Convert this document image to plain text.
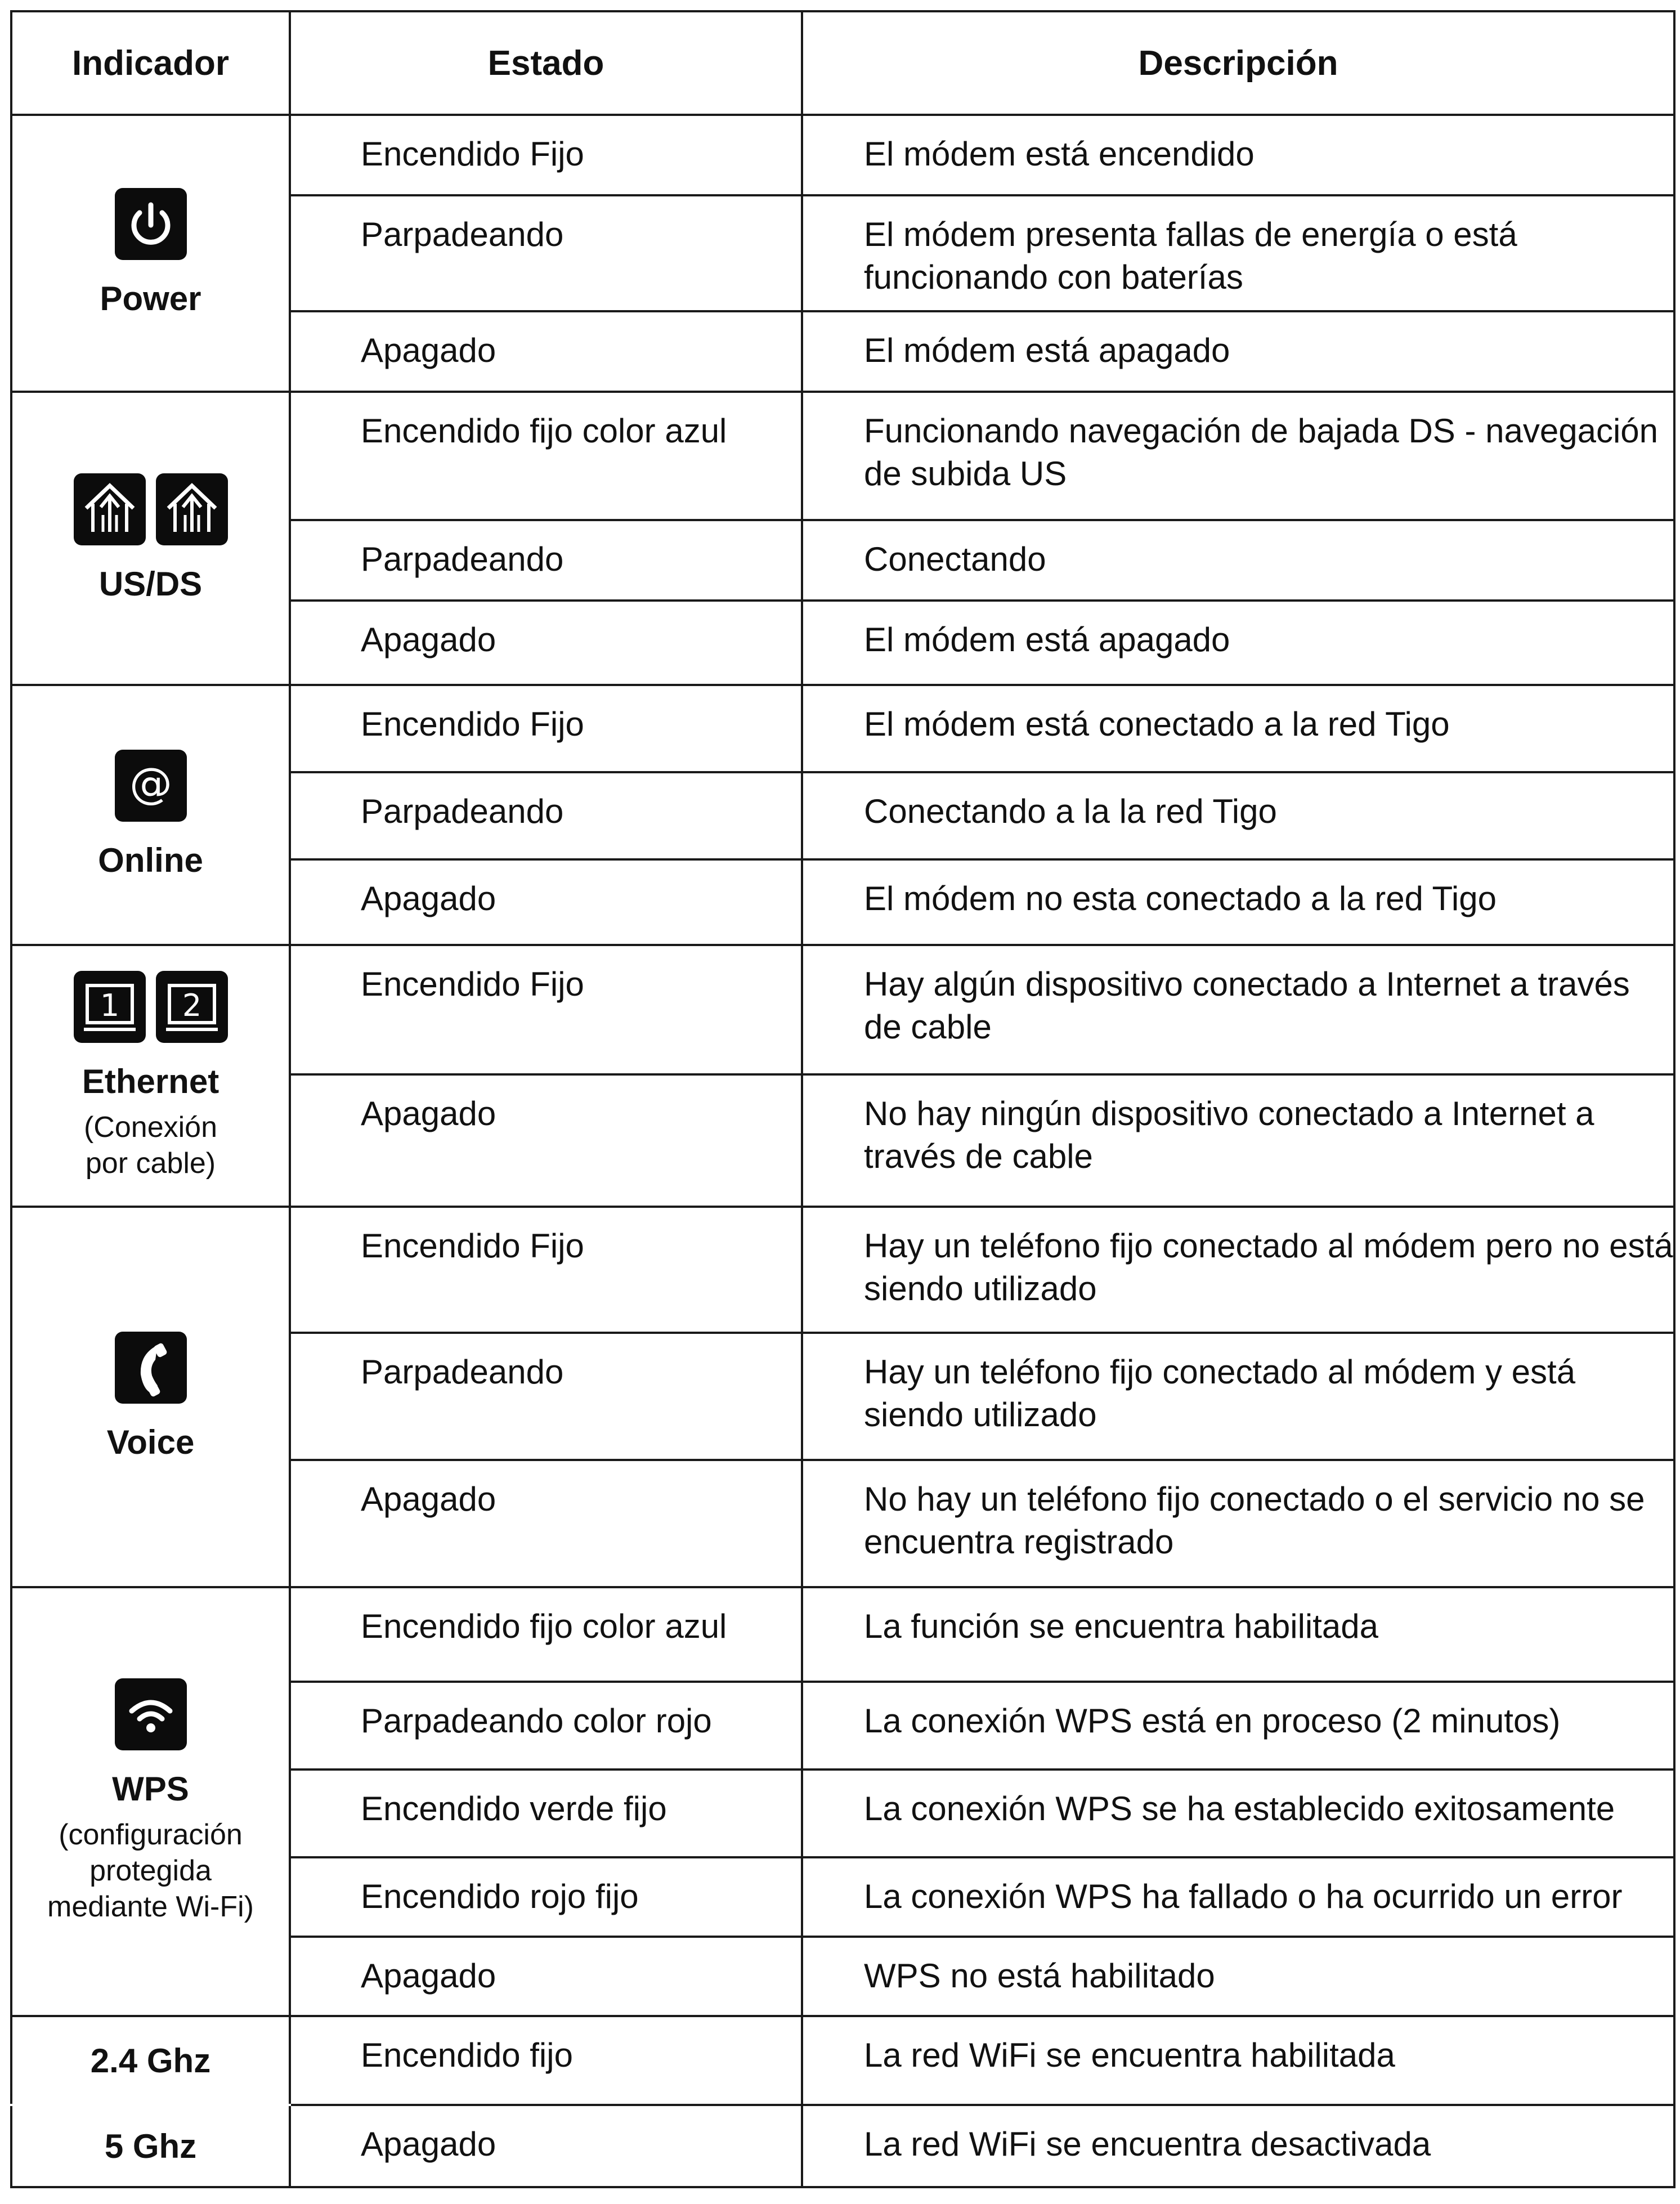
Indicador	Estado	Descripción

Power	Encendido Fijo	El módem está encendido
	Parpadeando	El módem presenta fallas de energía o está funcionando con baterías
	Apagado	El módem está apagado

US/DS	Encendido fijo color azul	Funcionando navegación de bajada DS - navegación de subida US
	Parpadeando	Conectando
	Apagado	El módem está apagado

@
Online	Encendido Fijo	El módem está conectado a la red Tigo
	Parpadeando	Conectando a la la red Tigo
	Apagado	El módem no esta conectado a la red Tigo

1 2
Ethernet
(Conexión por cable)	Encendido Fijo	Hay algún dispositivo conectado a Internet a través de cable
	Apagado	No hay ningún dispositivo conectado a Internet a través de cable

Voice	Encendido Fijo	Hay un teléfono fijo conectado al módem pero no está siendo utilizado
	Parpadeando	Hay un teléfono fijo conectado al módem y está siendo utilizado
	Apagado	No hay un teléfono fijo conectado o el servicio no se encuentra registrado

WPS
(configuración protegida mediante Wi-Fi)	Encendido fijo color azul	La función se encuentra habilitada
	Parpadeando color rojo	La conexión WPS está en proceso (2 minutos)
	Encendido verde fijo	La conexión WPS se ha establecido exitosamente
	Encendido rojo fijo	La conexión WPS ha fallado o ha ocurrido un error
	Apagado	WPS no está habilitado
2.4 Ghz	Encendido fijo	La red WiFi se encuentra habilitada
5 Ghz	Apagado	La red WiFi se encuentra desactivada
